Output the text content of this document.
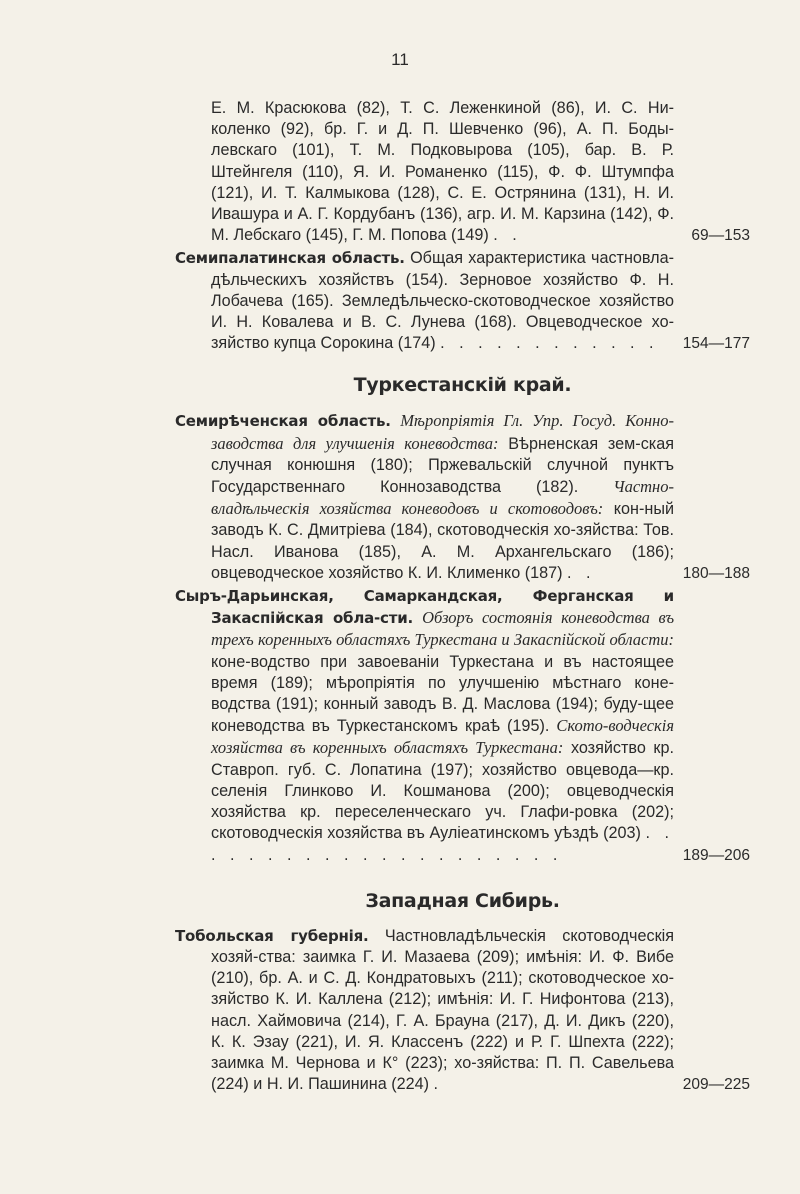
11
Е. М. Красюкова (82), Т. С. Леженкиной (86), И. С. Ни-коленко (92), бр. Г. и Д. П. Шевченко (96), А. П. Боды-левскаго (101), Т. М. Подковырова (105), бар. В. Р. Штейнгеля (110), Я. И. Романенко (115), Ф. Ф. Штумпфа (121), И. Т. Калмыкова (128), С. Е. Острянина (131), Н. И. Ивашура и А. Г. Кордубанъ (136), агр. И. М. Карзина (142), Ф. М. Лебскаго (145), Г. М. Попова (149) . .	69—153
Семипалатинская область. Общая характеристика частновла-дѣльческихъ хозяйствъ (154). Зерновое хозяйство Ф. Н. Лобачева (165). Земледѣльческо-скотоводческое хозяйство И. Н. Ковалева и В. С. Лунева (168). Овцеводческое хо-зяйство купца Сорокина (174) . . . . . . . . . . . .	154—177
Туркестанскій край.
Семирѣченская область. Мѣропріятія Гл. Упр. Госуд. Конно-заводства для улучшенія коневодства: Вѣрненская зем-ская случная конюшня (180); Пржевальскій случной пунктъ Государственнаго Коннозаводства (182). Частно-владѣльческія хозяйства коневодовъ и скотоводовъ: кон-ный заводъ К. С. Дмитріева (184), скотоводческія хо-зяйства: Тов. Насл. Иванова (185), А. М. Архангельскаго (186); овцеводческое хозяйство К. И. Клименко (187) . .	180—188
Сыръ-Дарьинская, Самаркандская, Ферганская и Закаспійская обла-сти. Обзоръ состоянія коневодства въ трехъ коренныхъ областяхъ Туркестана и Закаспійской области: коне-водство при завоеваніи Туркестана и въ настоящее время (189); мѣропріятія по улучшенію мѣстнаго коне-водства (191); конный заводъ В. Д. Маслова (194); буду-щее коневодства въ Туркестанскомъ краѣ (195). Ското-водческія хозяйства въ коренныхъ областяхъ Туркестана: хозяйство кр. Ставроп. губ. С. Лопатина (197); хозяйство овцевода—кр. селенія Глинково И. Кошманова (200); овцеводческія хозяйства кр. переселенческаго уч. Глафи-ровка (202); скотоводческія хозяйства въ Ауліеатинскомъ уѣздѣ (203) . . . . . . . . . . . . . . . . . . . . .	189—206
Западная Сибирь.
Тобольская губернія. Частновладѣльческія скотоводческія хозяй-ства: заимка Г. И. Мазаева (209); имѣнія: И. Ф. Вибе (210), бр. А. и С. Д. Кондратовыхъ (211); скотоводческое хо-зяйство К. И. Каллена (212); имѣнія: И. Г. Нифонтова (213), насл. Хаймовича (214), Г. А. Брауна (217), Д. И. Дикъ (220), К. К. Эзау (221), И. Я. Классенъ (222) и Р. Г. Шпехта (222); заимка М. Чернова и К° (223); хо-зяйства: П. П. Савельева (224) и Н. И. Пашинина (224) .	209—225
